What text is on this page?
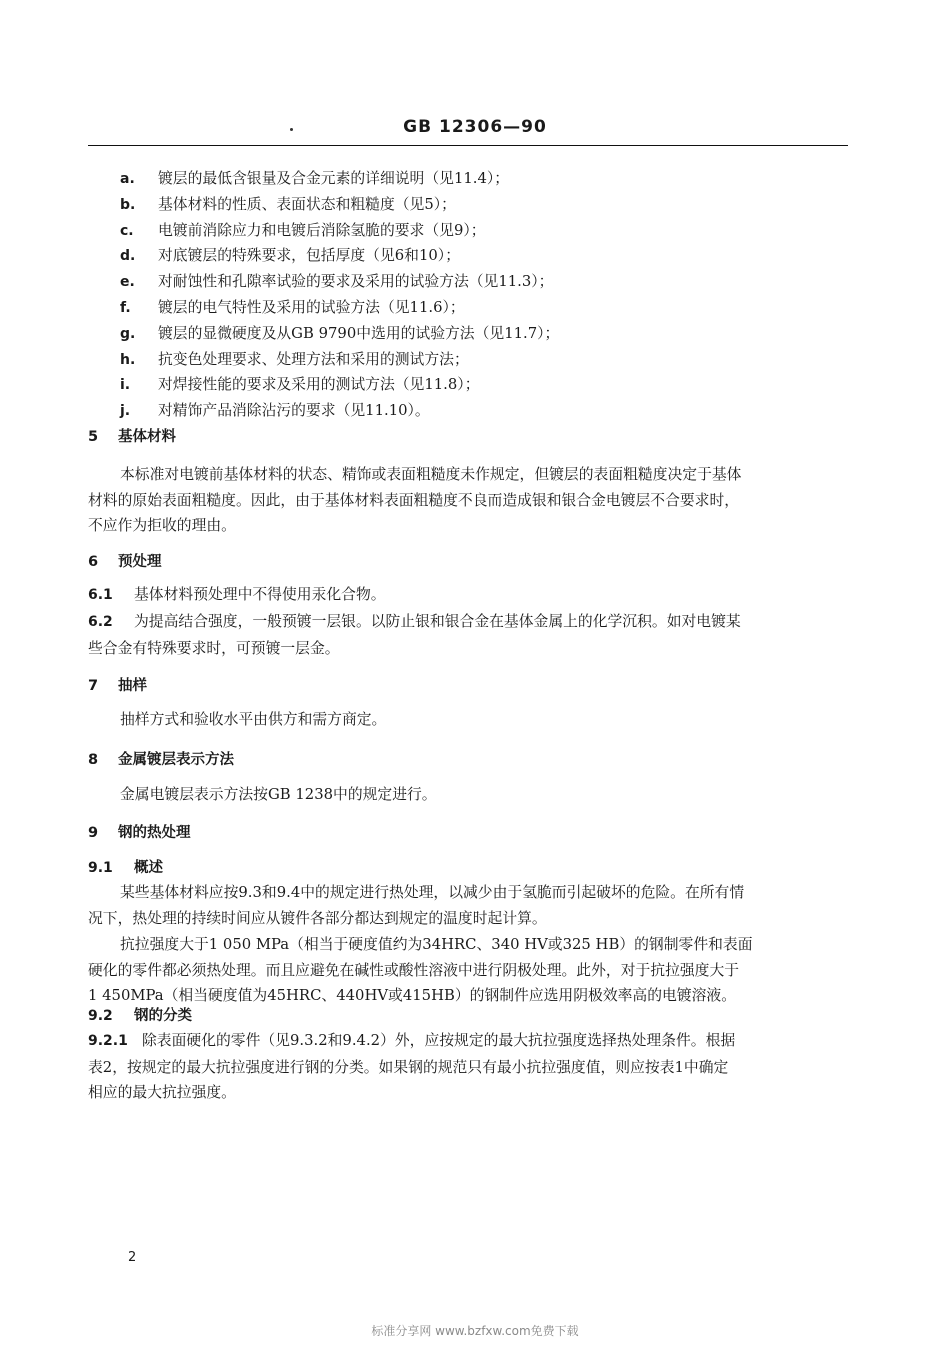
GB 12306—90
a.	镀层的最低含银量及合金元素的详细说明（见11.4）；
b.	基体材料的性质、表面状态和粗糙度（见5）；
c.	电镀前消除应力和电镀后消除氢脆的要求（见9）；
d.	对底镀层的特殊要求，包括厚度（见6和10）；
e.	对耐蚀性和孔隙率试验的要求及采用的试验方法（见11.3）；
f.	镀层的电气特性及采用的试验方法（见11.6）；
g.	镀层的显微硬度及从GB 9790中选用的试验方法（见11.7）；
h.	抗变色处理要求、处理方法和采用的测试方法；
i.	对焊接性能的要求及采用的测试方法（见11.8）；
j.	对精饰产品消除沾污的要求（见11.10）。
5 基体材料
本标准对电镀前基体材料的状态、精饰或表面粗糙度未作规定，但镀层的表面粗糙度决定于基体
材料的原始表面粗糙度。因此，由于基体材料表面粗糙度不良而造成银和银合金电镀层不合要求时，
不应作为拒收的理由。
6 预处理
6.1 基体材料预处理中不得使用汞化合物。
6.2 为提高结合强度，一般预镀一层银。以防止银和银合金在基体金属上的化学沉积。如对电镀某
些合金有特殊要求时，可预镀一层金。
7 抽样
抽样方式和验收水平由供方和需方商定。
8 金属镀层表示方法
金属电镀层表示方法按GB 1238中的规定进行。
9 钢的热处理
9.1 概述
某些基体材料应按9.3和9.4中的规定进行热处理，以减少由于氢脆而引起破坏的危险。在所有情
况下，热处理的持续时间应从镀件各部分都达到规定的温度时起计算。
抗拉强度大于1 050 MPa（相当于硬度值约为34HRC、340 HV或325 HB）的钢制零件和表面
硬化的零件都必须热处理。而且应避免在碱性或酸性溶液中进行阴极处理。此外，对于抗拉强度大于
1 450MPa（相当硬度值为45HRC、440HV或415HB）的钢制件应选用阴极效率高的电镀溶液。
9.2 钢的分类
9.2.1 除表面硬化的零件（见9.3.2和9.4.2）外，应按规定的最大抗拉强度选择热处理条件。根据
表2，按规定的最大抗拉强度进行钢的分类。如果钢的规范只有最小抗拉强度值，则应按表1中确定
相应的最大抗拉强度。
2
标准分享网 www.bzfxw.com免费下载
